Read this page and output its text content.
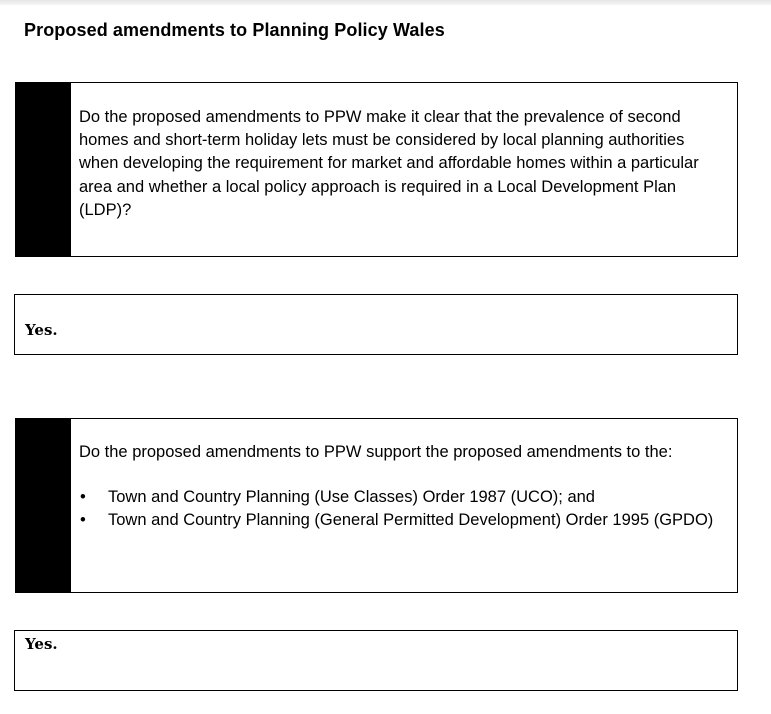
Proposed amendments to Planning Policy Wales

Do the proposed amendments to PPW make it clear that the prevalence of second homes and short-term holiday lets must be considered by local planning authorities when developing the requirement for market and affordable homes within a particular area and whether a local policy approach is required in a Local Development Plan (LDP)?

Yes.

Do the proposed amendments to PPW support the proposed amendments to the:

• Town and Country Planning (Use Classes) Order 1987 (UCO); and
• Town and Country Planning (General Permitted Development) Order 1995 (GPDO)
Yes.
